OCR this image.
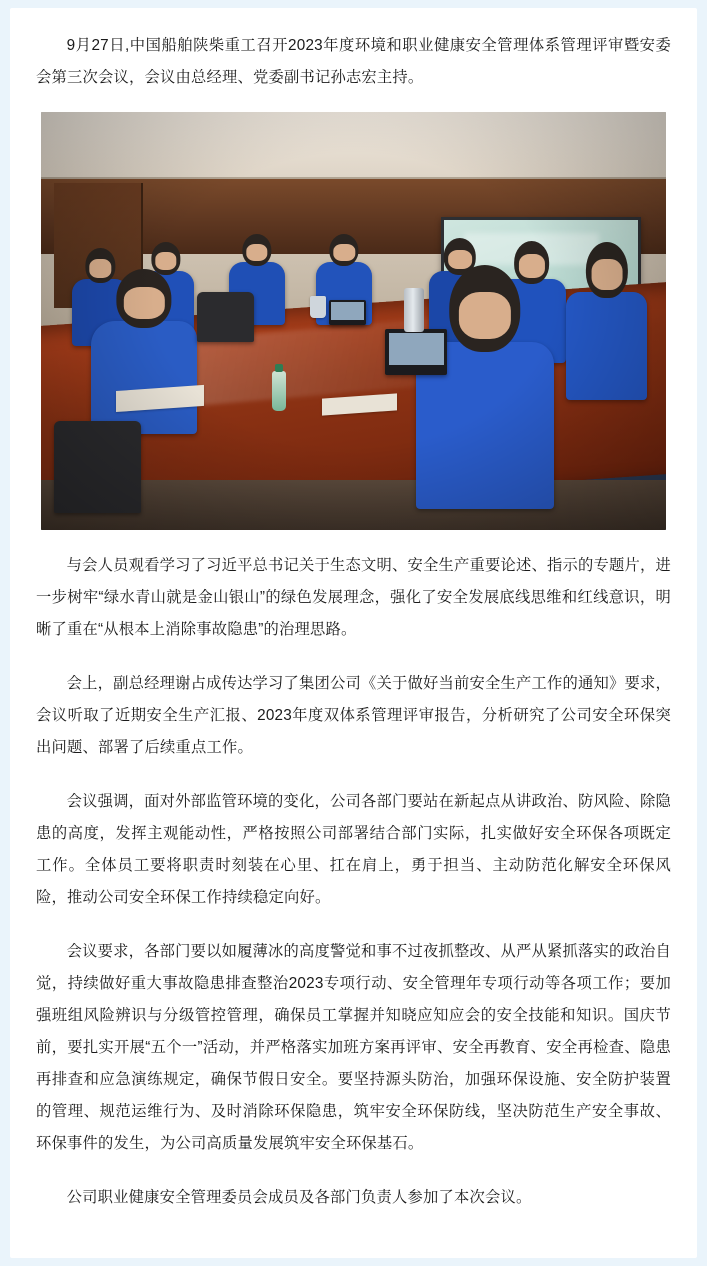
9月27日,中国船舶陕柴重工召开2023年度环境和职业健康安全管理体系管理评审暨安委会第三次会议，会议由总经理、党委副书记孙志宏主持。

与会人员观看学习了习近平总书记关于生态文明、安全生产重要论述、指示的专题片，进一步树牢“绿水青山就是金山银山”的绿色发展理念，强化了安全发展底线思维和红线意识，明晰了重在“从根本上消除事故隐患”的治理思路。

会上，副总经理谢占成传达学习了集团公司《关于做好当前安全生产工作的通知》要求，会议听取了近期安全生产汇报、2023年度双体系管理评审报告，分析研究了公司安全环保突出问题、部署了后续重点工作。

会议强调，面对外部监管环境的变化，公司各部门要站在新起点从讲政治、防风险、除隐患的高度，发挥主观能动性，严格按照公司部署结合部门实际，扎实做好安全环保各项既定工作。全体员工要将职责时刻装在心里、扛在肩上，勇于担当、主动防范化解安全环保风险，推动公司安全环保工作持续稳定向好。

会议要求，各部门要以如履薄冰的高度警觉和事不过夜抓整改、从严从紧抓落实的政治自觉，持续做好重大事故隐患排查整治2023专项行动、安全管理年专项行动等各项工作；要加强班组风险辨识与分级管控管理，确保员工掌握并知晓应知应会的安全技能和知识。国庆节前，要扎实开展“五个一”活动，并严格落实加班方案再评审、安全再教育、安全再检查、隐患再排查和应急演练规定，确保节假日安全。要坚持源头防治，加强环保设施、安全防护装置的管理、规范运维行为、及时消除环保隐患，筑牢安全环保防线，坚决防范生产安全事故、环保事件的发生，为公司高质量发展筑牢安全环保基石。

公司职业健康安全管理委员会成员及各部门负责人参加了本次会议。
